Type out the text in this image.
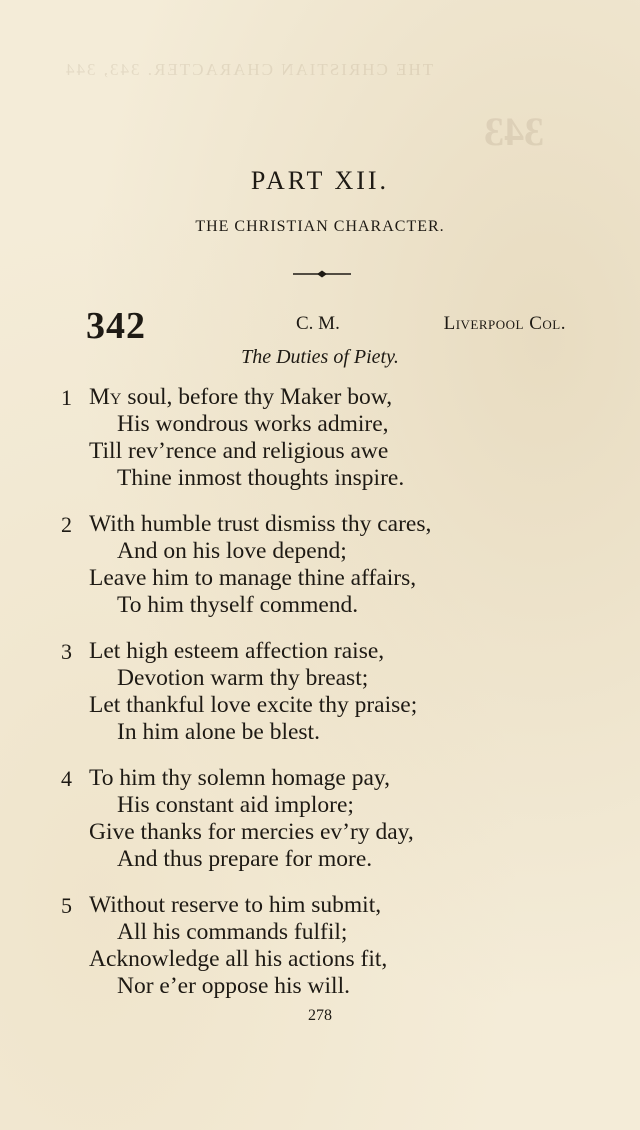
THE CHRISTIAN CHARACTER. 343, 344
343
PART XII.
THE CHRISTIAN CHARACTER.
342	C. M.	Liverpool Col.
The Duties of Piety.
1 My soul, before thy Maker bow,
His wondrous works admire,
Till rev’rence and religious awe
Thine inmost thoughts inspire.
2 With humble trust dismiss thy cares,
And on his love depend;
Leave him to manage thine affairs,
To him thyself commend.
3 Let high esteem affection raise,
Devotion warm thy breast;
Let thankful love excite thy praise;
In him alone be blest.
4 To him thy solemn homage pay,
His constant aid implore;
Give thanks for mercies ev’ry day,
And thus prepare for more.
5 Without reserve to him submit,
All his commands fulfil;
Acknowledge all his actions fit,
Nor e’er oppose his will.
278
